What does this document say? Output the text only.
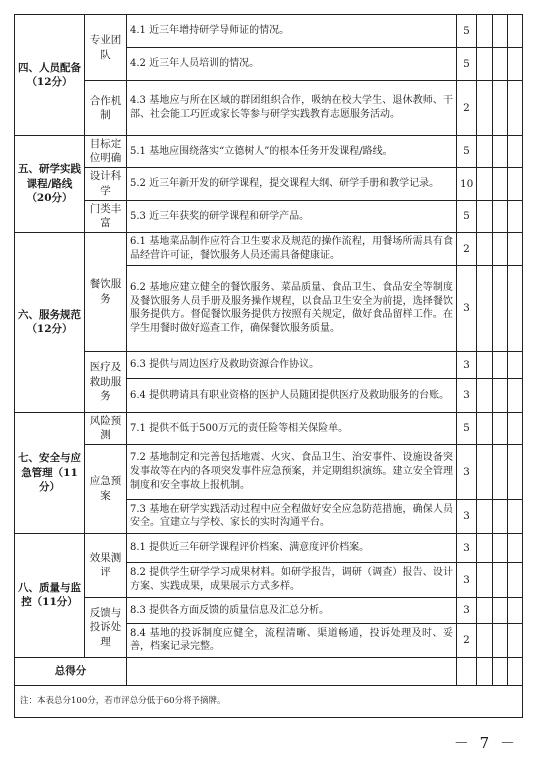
四、人员配备（12分）	专业团队	4.1 近三年增持研学导师证的情况。	5			
		4.2 近三年人员培训的情况。	5			
	合作机制	4.3 基地应与所在区域的群团组织合作，吸纳在校大学生、退休教师、干部、社会能工巧匠或家长等参与研学实践教育志愿服务活动。	2			
五、研学实践课程/路线（20分）	目标定位明确	5.1 基地应围绕落实“立德树人”的根本任务开发课程/路线。	5			
	设计科学	5.2 近三年新开发的研学课程，提交课程大纲、研学手册和教学记录。	10			
	门类丰富	5.3 近三年获奖的研学课程和研学产品。	5			
六、服务规范（12分）	餐饮服务	6.1 基地菜品制作应符合卫生要求及规范的操作流程，用餐场所需具有食品经营许可证，餐饮服务人员还需具备健康证。	2			
		6.2 基地应建立健全的餐饮服务、菜品质量、食品卫生、食品安全等制度及餐饮服务人员手册及服务操作规程，以食品卫生安全为前提，选择餐饮服务提供方。督促餐饮服务提供方按照有关规定，做好食品留样工作。在学生用餐时做好巡查工作，确保餐饮服务质量。	3			
	医疗及救助服务	6.3 提供与周边医疗及救助资源合作协议。	3			
		6.4 提供聘请具有职业资格的医护人员随团提供医疗及救助服务的台账。	3			
七、安全与应急管理（11分）	风险预测	7.1 提供不低于500万元的责任险等相关保险单。	5			
	应急预案	7.2 基地制定和完善包括地震、火灾、食品卫生、治安事件、设施设备突发事故等在内的各项突发事件应急预案，并定期组织演练。建立安全管理制度和安全事故上报机制。	3			
		7.3 基地在研学实践活动过程中应全程做好安全应急防范措施，确保人员安全。宜建立与学校、家长的实时沟通平台。	3			
八、质量与监控（11分）	效果测评	8.1 提供近三年研学课程评价档案、满意度评价档案。	3			
		8.2 提供学生研学学习成果材料。如研学报告，调研（调查）报告、设计方案、实践成果，成果展示方式多样。	3			
	反馈与投诉处理	8.3 提供各方面反馈的质量信息及汇总分析。	3			
		8.4 基地的投诉制度应健全，流程清晰、渠道畅通，投诉处理及时、妥善，档案记录完整。	2			
总得分						
注：本表总分100分，若市评总分低于60分将予摘牌。						
－ 7 －
